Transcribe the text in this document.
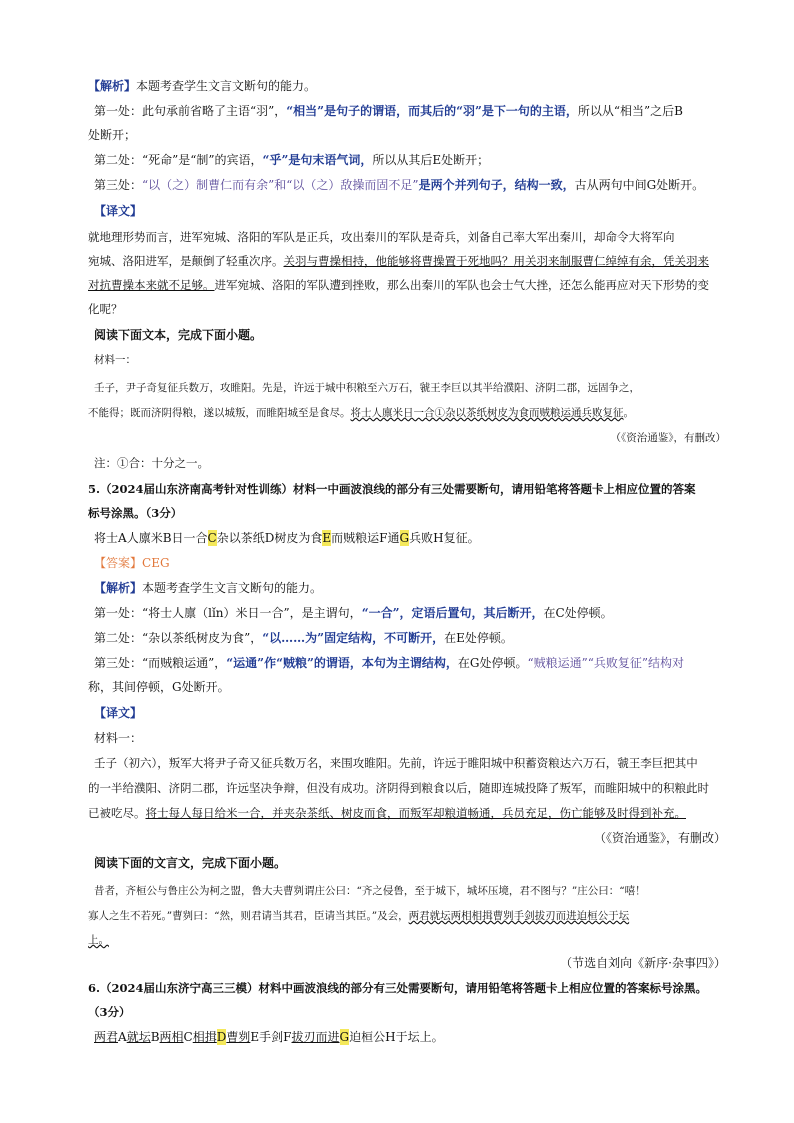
【解析】本题考查学生文言文断句的能力。
第一处：此句承前省略了主语“羽”，“相当”是句子的谓语，而其后的“羽”是下一句的主语，所以从“相当”之后B
处断开；
第二处：“死命”是“制”的宾语，“乎”是句末语气词，所以从其后E处断开；
第三处：“以（之）制曹仁而有余”和“以（之）敌操而固不足”是两个并列句子，结构一致，古从两句中间G处断开。
【译文】
就地理形势而言，进军宛城、洛阳的军队是正兵，攻出秦川的军队是奇兵，刘备自己率大军出秦川，却命令大将军向
宛城、洛阳进军，是颠倒了轻重次序。关羽与曹操相持，他能够将曹操置于死地吗？用关羽来制服曹仁绰绰有余，凭关羽来
对抗曹操本来就不足够。进军宛城、洛阳的军队遭到挫败，那么出秦川的军队也会士气大挫，还怎么能再应对天下形势的变
化呢？
阅读下面文本，完成下面小题。
材料一：
壬子，尹子奇复征兵数万，攻睢阳。先是，许远于城中积粮至六万石，虢王李巨以其半给濮阳、济阴二郡，远固争之，
不能得；既而济阴得粮，遂以城叛，而睢阳城至是食尽。将士人廪米日一合①杂以茶纸树皮为食而贼粮运通兵败复征。
（《资治通鉴》，有删改）
注：①合：十分之一。
5.（2024届山东济南高考针对性训练）材料一中画波浪线的部分有三处需要断句，请用铅笔将答题卡上相应位置的答案
标号涂黑。（3分）
将士A人廪米B日一合C杂以茶纸D树皮为食E而贼粮运F通G兵败H复征。
【答案】CEG
【解析】本题考查学生文言文断句的能力。
第一处：“将士人廪（lǐn）米日一合”，是主谓句，“一合”，定语后置句，其后断开，在C处停顿。
第二处：“杂以茶纸树皮为食”，“以……为”固定结构，不可断开，在E处停顿。
第三处：“而贼粮运通”，“运通”作“贼粮”的谓语，本句为主谓结构，在G处停顿。“贼粮运通”“兵败复征”结构对
称，其间停顿，G处断开。
【译文】
材料一：
壬子（初六），叛军大将尹子奇又征兵数万名，来围攻睢阳。先前，许远于睢阳城中积蓄资粮达六万石，虢王李巨把其中
的一半给濮阳、济阴二郡，许远坚决争辩，但没有成功。济阴得到粮食以后，随即连城投降了叛军，而睢阳城中的积粮此时
已被吃尽。将士每人每日给米一合，并夹杂茶纸、树皮而食，而叛军却粮道畅通，兵员充足，伤亡能够及时得到补充。
（《资治通鉴》，有删改）
阅读下面的文言文，完成下面小题。
昔者，齐桓公与鲁庄公为柯之盟，鲁大夫曹刿谓庄公曰：“齐之侵鲁，至于城下，城坏压境，君不图与？”庄公曰：“嘻！
寡人之生不若死。”曹刿曰：“然，则君请当其君，臣请当其臣。”及会，两君就坛两相相揖曹刿手剑拔刃而进迫桓公于坛
上。
（节选自刘向《新序·杂事四》）
6.（2024届山东济宁高三三模）材料中画波浪线的部分有三处需要断句，请用铅笔将答题卡上相应位置的答案标号涂黑。
（3分）
两君A就坛B两相C相揖D曹刿E手剑F拔刃而进G迫桓公H于坛上。
